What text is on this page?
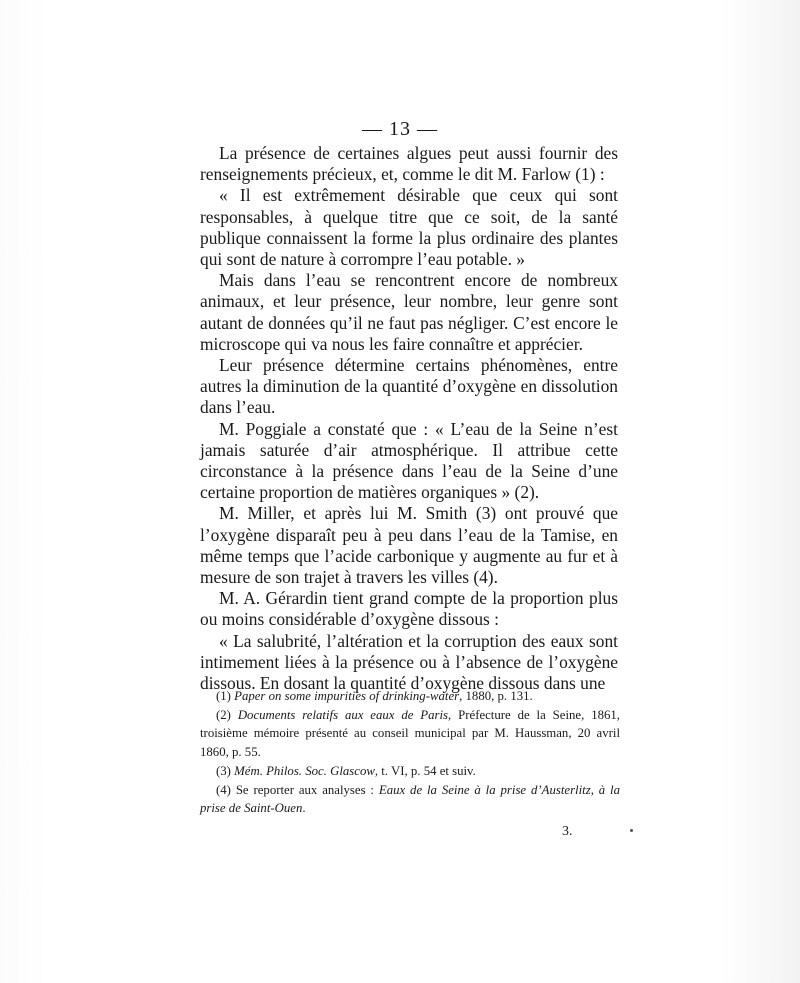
— 13 —

La présence de certaines algues peut aussi fournir des renseignements précieux, et, comme le dit M. Farlow (1) :

« Il est extrêmement désirable que ceux qui sont responsables, à quelque titre que ce soit, de la santé publique connaissent la forme la plus ordinaire des plantes qui sont de nature à corrompre l’eau potable. »

Mais dans l’eau se rencontrent encore de nombreux animaux, et leur présence, leur nombre, leur genre sont autant de données qu’il ne faut pas négliger. C’est encore le microscope qui va nous les faire connaître et apprécier.

Leur présence détermine certains phénomènes, entre autres la diminution de la quantité d’oxygène en dissolution dans l’eau.

M. Poggiale a constaté que : « L’eau de la Seine n’est jamais saturée d’air atmosphérique. Il attribue cette circonstance à la présence dans l’eau de la Seine d’une certaine proportion de matières organiques » (2).

M. Miller, et après lui M. Smith (3) ont prouvé que l’oxygène disparaît peu à peu dans l’eau de la Tamise, en même temps que l’acide carbonique y augmente au fur et à mesure de son trajet à travers les villes (4).

M. A. Gérardin tient grand compte de la proportion plus ou moins considérable d’oxygène dissous :

« La salubrité, l’altération et la corruption des eaux sont intimement liées à la présence ou à l’absence de l’oxygène dissous. En dosant la quantité d’oxygène dissous dans une

(1) Paper on some impurities of drinking-water, 1880, p. 131.

(2) Documents relatifs aux eaux de Paris, Préfecture de la Seine, 1861, troisième mémoire présenté au conseil municipal par M. Haussman, 20 avril 1860, p. 55.

(3) Mém. Philos. Soc. Glascow, t. VI, p. 54 et suiv.

(4) Se reporter aux analyses : Eaux de la Seine à la prise d’Austerlitz, à la prise de Saint-Ouen.

3.
